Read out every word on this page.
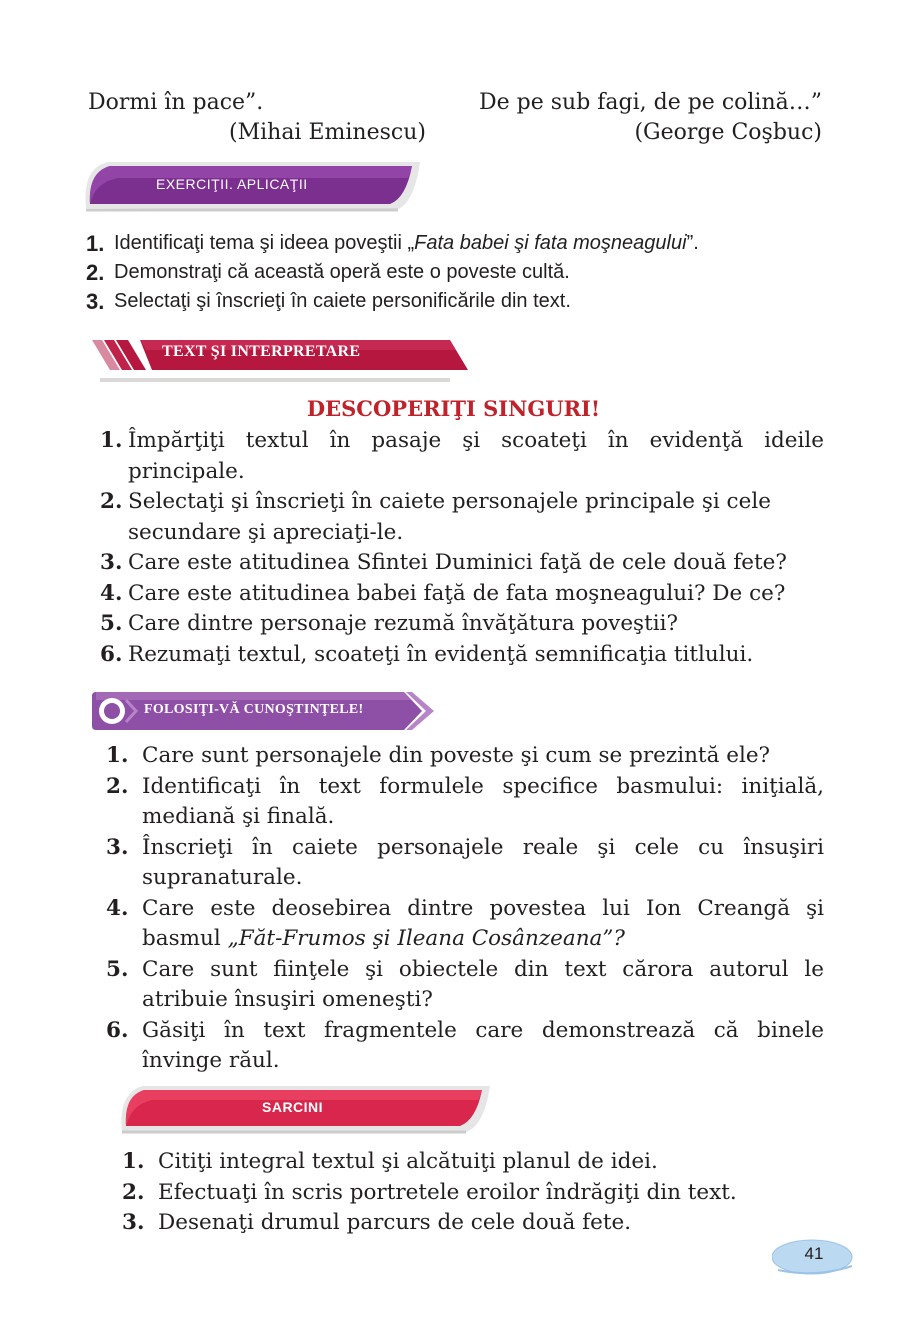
Dormi în pace”.
(Mihai Eminescu)
De pe sub fagi, de pe colină…”
(George Coşbuc)
EXERCIŢII. APLICAŢII
1. Identificaţi tema şi ideea poveştii „Fata babei şi fata moşneagului”.
2. Demonstraţi că această operă este o poveste cultă.
3. Selectaţi şi înscrieţi în caiete personificările din text.
TEXT ŞI INTERPRETARE
DESCOPERIŢI SINGURI!
1. Împărţiţi textul în pasaje şi scoateţi în evidenţă ideile principale.
2. Selectaţi şi înscrieţi în caiete personajele principale şi cele secundare şi apreciaţi-le.
3. Care este atitudinea Sfintei Duminici faţă de cele două fete?
4. Care este atitudinea babei faţă de fata moşneagului? De ce?
5. Care dintre personaje rezumă învăţătura poveştii?
6. Rezumaţi textul, scoateţi în evidenţă semnificaţia titlului.
FOLOSIŢI-VĂ CUNOŞTINŢELE!
1. Care sunt personajele din poveste şi cum se prezintă ele?
2. Identificaţi în text formulele specifice basmului: iniţială, mediană şi finală.
3. Înscrieţi în caiete personajele reale şi cele cu însuşiri supranaturale.
4. Care este deosebirea dintre povestea lui Ion Creangă şi basmul „Făt-Frumos şi Ileana Cosânzeana”?
5. Care sunt fiinţele şi obiectele din text cărora autorul le atribuie însuşiri omeneşti?
6. Găsiţi în text fragmentele care demonstrează că binele învinge răul.
SARCINI
1. Citiţi integral textul şi alcătuiţi planul de idei.
2. Efectuaţi în scris portretele eroilor îndrăgiţi din text.
3. Desenaţi drumul parcurs de cele două fete.
41
